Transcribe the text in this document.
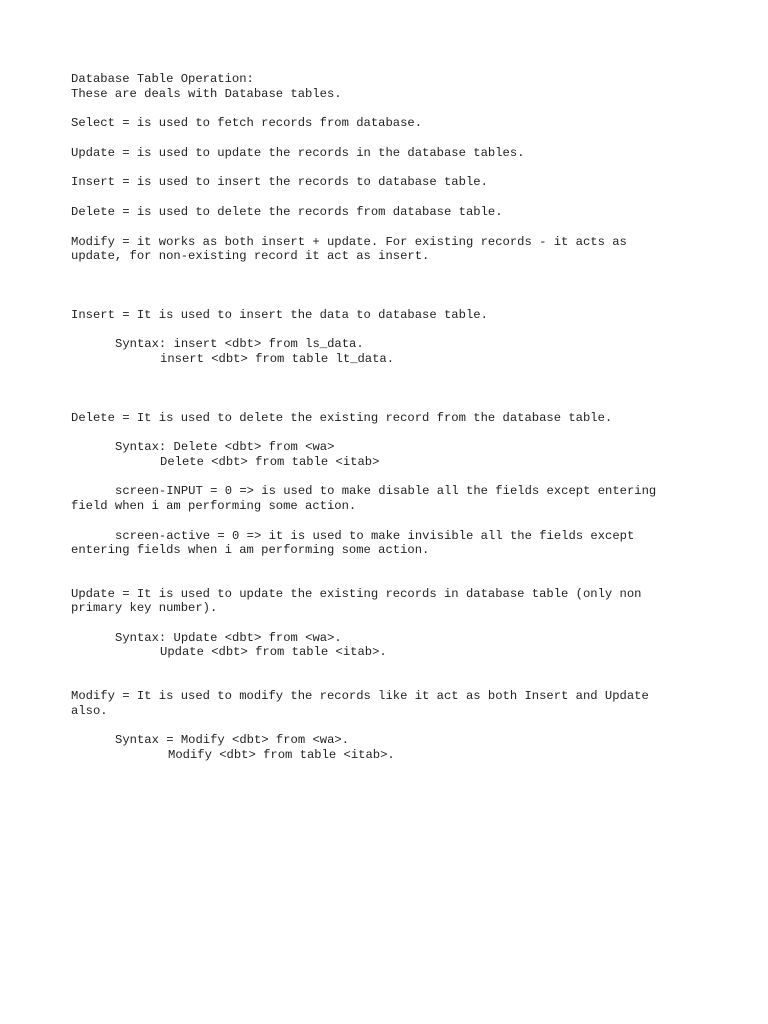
Database Table Operation:

These are deals with Database tables.

Select = is used to fetch records from database.

Update = is used to update the records in the database tables.

Insert = is used to insert the records to database table.

Delete = is used to delete the records from database table.

Modify = it works as both insert + update. For existing records - it acts as

update, for non-existing record it act as insert.

Insert = It is used to insert the data to database table.

Syntax: insert <dbt> from ls_data.

insert <dbt> from table lt_data.

Delete = It is used to delete the existing record from the database table.

Syntax: Delete <dbt> from <wa>

Delete <dbt> from table <itab>

screen-INPUT = 0 => is used to make disable all the fields except entering

field when i am performing some action.

screen-active = 0 => it is used to make invisible all the fields except

entering fields when i am performing some action.

Update = It is used to update the existing records in database table (only non

primary key number).

Syntax: Update <dbt> from <wa>.

Update <dbt> from table <itab>.

Modify = It is used to modify the records like it act as both Insert and Update

also.

Syntax = Modify <dbt> from <wa>.

Modify <dbt> from table <itab>.
